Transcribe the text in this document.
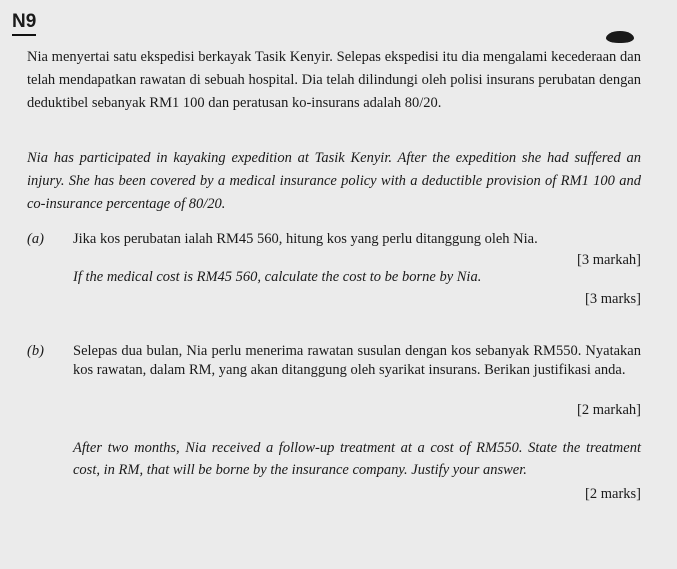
N9

Nia menyertai satu ekspedisi berkayak Tasik Kenyir. Selepas ekspedisi itu dia mengalami kecederaan dan telah mendapatkan rawatan di sebuah hospital. Dia telah dilindungi oleh polisi insurans perubatan dengan deduktibel sebanyak RM1 100 dan peratusan ko-insurans adalah 80/20.

Nia has participated in kayaking expedition at Tasik Kenyir. After the expedition she had suffered an injury. She has been covered by a medical insurance policy with a deductible provision of RM1 100 and co-insurance percentage of 80/20.

(a) Jika kos perubatan ialah RM45 560, hitung kos yang perlu ditanggung oleh Nia.
[3 markah]
If the medical cost is RM45 560, calculate the cost to be borne by Nia.
[3 marks]
(b) Selepas dua bulan, Nia perlu menerima rawatan susulan dengan kos sebanyak RM550. Nyatakan kos rawatan, dalam RM, yang akan ditanggung oleh syarikat insurans. Berikan justifikasi anda.
[2 markah]
After two months, Nia received a follow-up treatment at a cost of RM550. State the treatment cost, in RM, that will be borne by the insurance company. Justify your answer.
[2 marks]
